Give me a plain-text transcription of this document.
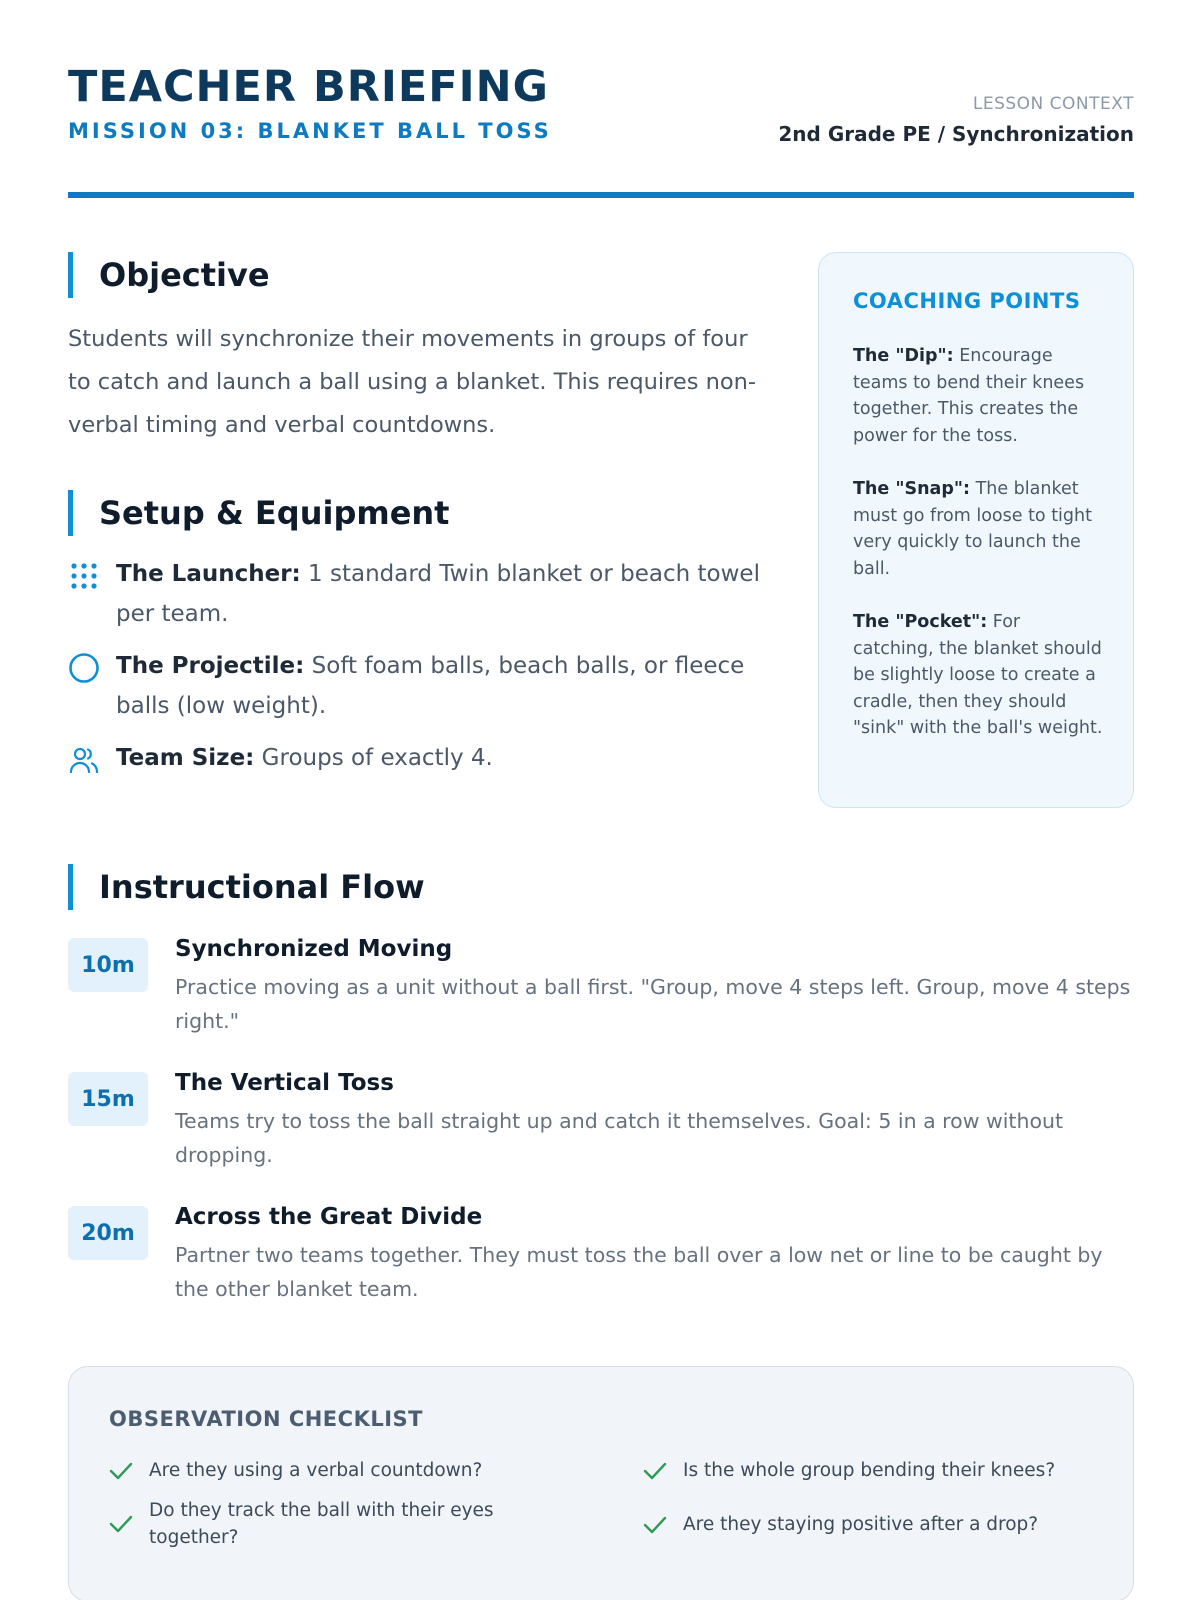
TEACHER BRIEFING
MISSION 03: BLANKET BALL TOSS
LESSON CONTEXT
2nd Grade PE / Synchronization
Objective
Students will synchronize their movements in groups of four to catch and launch a ball using a blanket. This requires non-verbal timing and verbal countdowns.
Setup & Equipment
The Launcher: 1 standard Twin blanket or beach towel per team.
The Projectile: Soft foam balls, beach balls, or fleece balls (low weight).
Team Size: Groups of exactly 4.
COACHING POINTS
The "Dip": Encourage teams to bend their knees together. This creates the power for the toss.
The "Snap": The blanket must go from loose to tight very quickly to launch the ball.
The "Pocket": For catching, the blanket should be slightly loose to create a cradle, then they should "sink" with the ball's weight.
Instructional Flow
10m
Synchronized Moving
Practice moving as a unit without a ball first. "Group, move 4 steps left. Group, move 4 steps right."
15m
The Vertical Toss
Teams try to toss the ball straight up and catch it themselves. Goal: 5 in a row without dropping.
20m
Across the Great Divide
Partner two teams together. They must toss the ball over a low net or line to be caught by the other blanket team.
OBSERVATION CHECKLIST
Are they using a verbal countdown?	Is the whole group bending their knees?
Do they track the ball with their eyes together?
Are they staying positive after a drop?
